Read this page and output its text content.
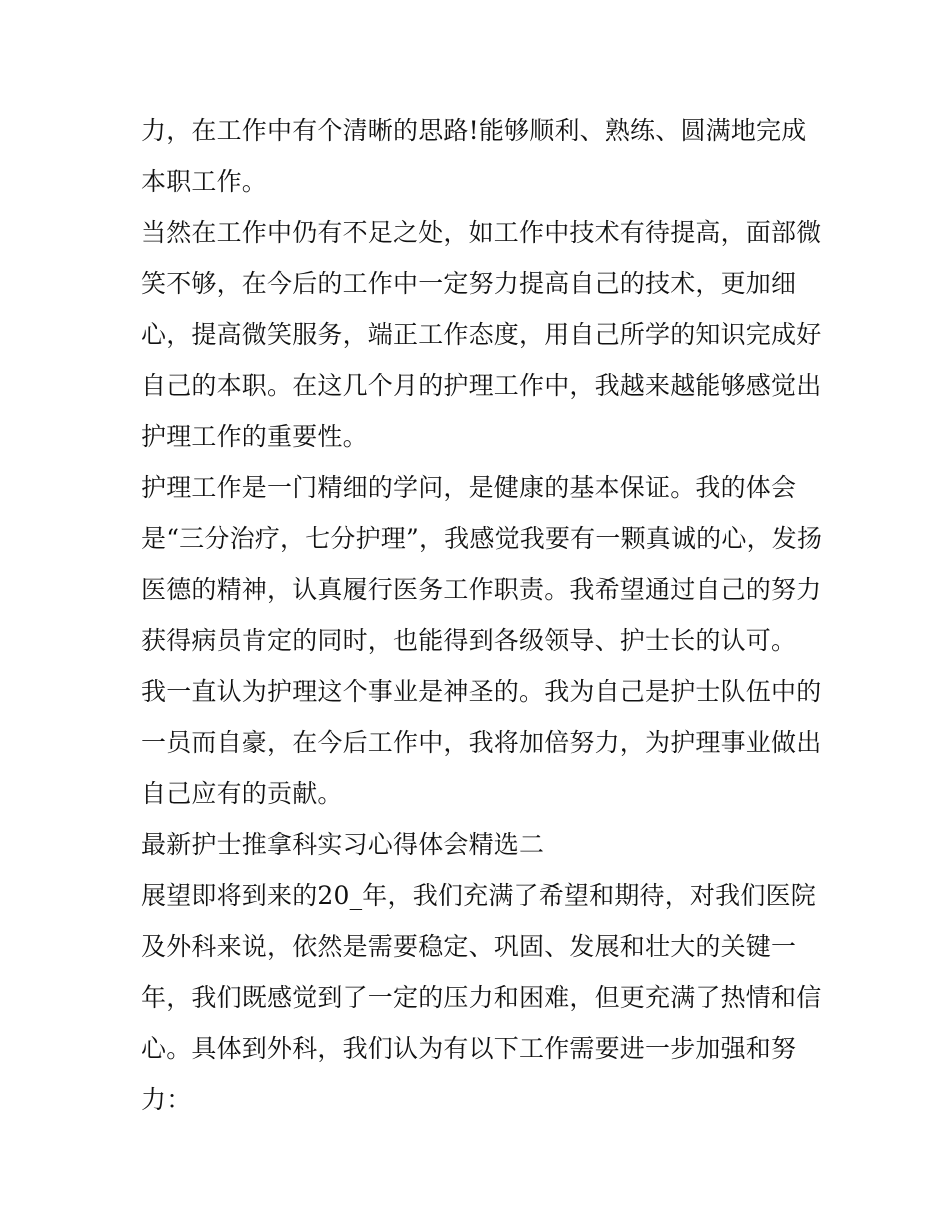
力，在工作中有个清晰的思路!能够顺利、熟练、圆满地完成
本职工作。
当然在工作中仍有不足之处，如工作中技术有待提高，面部微
笑不够，在今后的工作中一定努力提高自己的技术，更加细
心，提高微笑服务，端正工作态度，用自己所学的知识完成好
自己的本职。在这几个月的护理工作中，我越来越能够感觉出
护理工作的重要性。
护理工作是一门精细的学问，是健康的基本保证。我的体会
是“三分治疗，七分护理”，我感觉我要有一颗真诚的心，发扬
医德的精神，认真履行医务工作职责。我希望通过自己的努力
获得病员肯定的同时，也能得到各级领导、护士长的认可。
我一直认为护理这个事业是神圣的。我为自己是护士队伍中的
一员而自豪，在今后工作中，我将加倍努力，为护理事业做出
自己应有的贡献。
最新护士推拿科实习心得体会精选二
展望即将到来的20_年，我们充满了希望和期待，对我们医院
及外科来说，依然是需要稳定、巩固、发展和壮大的关键一
年，我们既感觉到了一定的压力和困难，但更充满了热情和信
心。具体到外科，我们认为有以下工作需要进一步加强和努
力：
